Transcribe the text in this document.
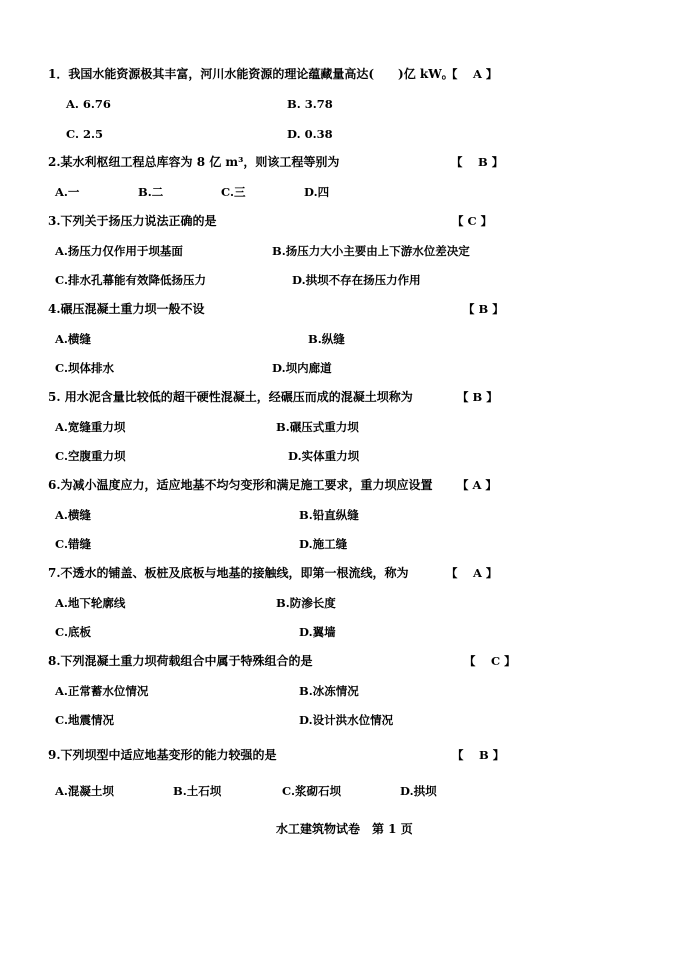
1．我国水能资源极其丰富，河川水能资源的理论蕴藏量高达(　　)亿 kW。
【　 A 】
A. 6.76	B. 3.78
C. 2.5	D. 0.38
2.某水利枢纽工程总库容为 8 亿 m³，则该工程等别为	【　 B 】
A.一	B.二	C.三	D.四
3.下列关于扬压力说法正确的是	【 C 】
A.扬压力仅作用于坝基面	B.扬压力大小主要由上下游水位差决定
C.排水孔幕能有效降低扬压力	D.拱坝不存在扬压力作用
4.碾压混凝土重力坝一般不设	【 B 】
A.横缝	B.纵缝
C.坝体排水	D.坝内廊道
5. 用水泥含量比较低的超干硬性混凝土，经碾压而成的混凝土坝称为	【 B 】
A.宽缝重力坝	B.碾压式重力坝
C.空腹重力坝	D.实体重力坝
6.为减小温度应力，适应地基不均匀变形和满足施工要求，重力坝应设置 【 A 】
A.横缝	B.铅直纵缝
C.错缝	D.施工缝
7.不透水的铺盖、板桩及底板与地基的接触线，即第一根流线，称为	【　 A 】
A.地下轮廓线	B.防渗长度
C.底板	D.翼墙
8.下列混凝土重力坝荷载组合中属于特殊组合的是	【　 C 】
A.正常蓄水位情况	B.冰冻情况
C.地震情况	D.设计洪水位情况
9.下列坝型中适应地基变形的能力较强的是	【　 B 】
A.混凝土坝	B.土石坝	C.浆砌石坝	D.拱坝
水工建筑物试卷　第 1 页
